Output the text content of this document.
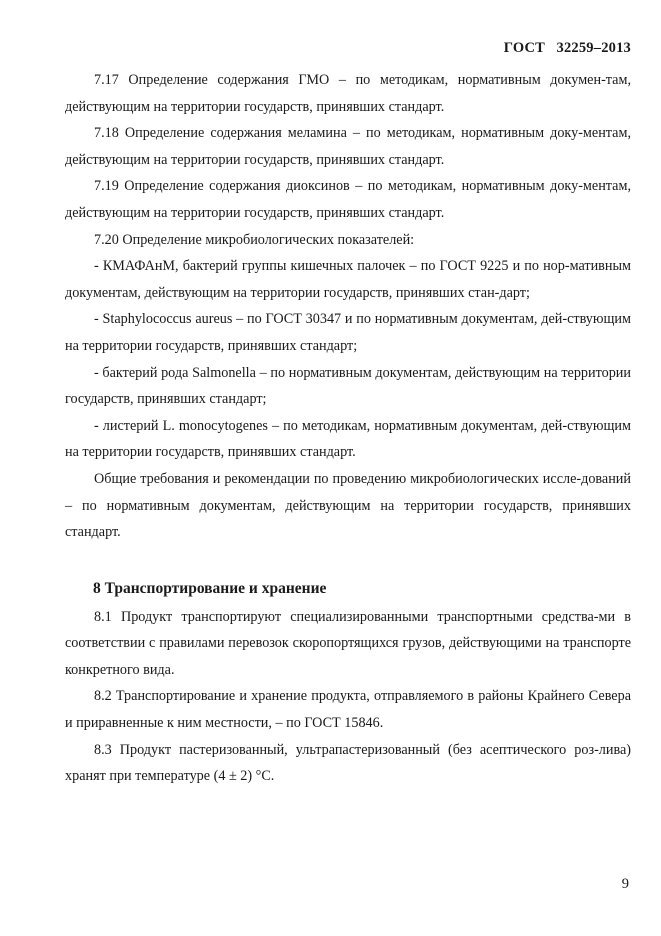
ГОСТ   32259–2013

7.17 Определение содержания ГМО – по методикам, нормативным докумен-там, действующим на территории государств, принявших стандарт.

7.18 Определение содержания меламина – по методикам, нормативным доку-ментам, действующим на территории государств, принявших стандарт.

7.19 Определение содержания диоксинов – по методикам, нормативным доку-ментам, действующим на территории государств, принявших стандарт.

7.20 Определение микробиологических показателей:

- КМАФАнМ, бактерий группы кишечных палочек – по ГОСТ 9225 и по нор-мативным документам, действующим на территории государств, принявших стан-дарт;

- Staphylococcus aureus – по ГОСТ 30347 и по нормативным документам, дей-ствующим на территории государств, принявших стандарт;

- бактерий рода Salmonella – по нормативным документам, действующим на территории государств, принявших стандарт;

- листерий L. monocytogenes – по методикам, нормативным документам, дей-ствующим на территории государств, принявших стандарт.

Общие требования и рекомендации по проведению микробиологических иссле-дований – по нормативным документам, действующим на территории государств, принявших стандарт.

8 Транспортирование и хранение

8.1 Продукт транспортируют специализированными транспортными средства-ми в соответствии с правилами перевозок скоропортящихся грузов, действующими на транспорте конкретного вида.

8.2 Транспортирование и хранение продукта, отправляемого в районы Крайнего Севера и приравненные к ним местности, – по ГОСТ 15846.

8.3 Продукт пастеризованный, ультрапастеризованный (без асептического роз-лива) хранят при температуре (4 ± 2) °С.

9
